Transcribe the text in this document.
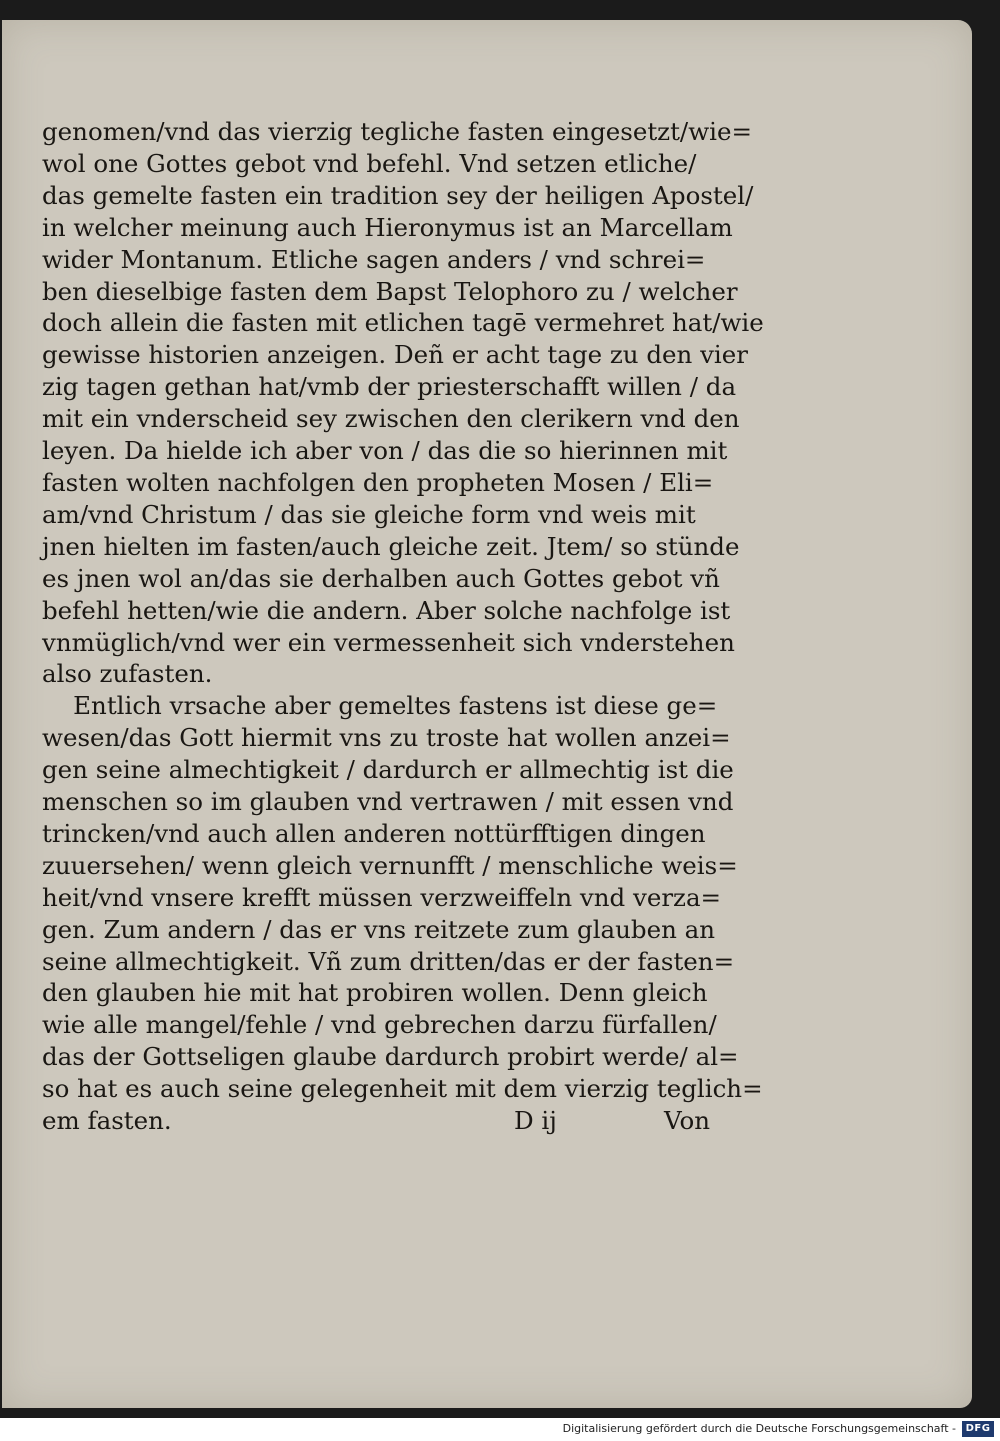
genomen/vnd das vierzig tegliche fasten eingesetzt/wie=
wol one Gottes gebot vnd befehl. Vnd setzen etliche/
das gemelte fasten ein tradition sey der heiligen Apostel/
in welcher meinung auch Hieronymus ist an Marcellam
wider Montanum. Etliche sagen anders / vnd schrei=
ben dieselbige fasten dem Bapst Telophoro zu / welcher
doch allein die fasten mit etlichen tagē vermehret hat/wie
gewisse historien anzeigen. Deñ er acht tage zu den vier
zig tagen gethan hat/vmb der priesterschafft willen / da
mit ein vnderscheid sey zwischen den clerikern vnd den
leyen. Da hielde ich aber von / das die so hierinnen mit
fasten wolten nachfolgen den propheten Mosen / Eli=
am/vnd Christum / das sie gleiche form vnd weis mit
jnen hielten im fasten/auch gleiche zeit. Jtem/ so stünde
es jnen wol an/das sie derhalben auch Gottes gebot vñ
befehl hetten/wie die andern. Aber solche nachfolge ist
vnmüglich/vnd wer ein vermessenheit sich vnderstehen
also zufasten.
Entlich vrsache aber gemeltes fastens ist diese ge=
wesen/das Gott hiermit vns zu troste hat wollen anzei=
gen seine almechtigkeit / dardurch er allmechtig ist die
menschen so im glauben vnd vertrawen / mit essen vnd
trincken/vnd auch allen anderen nottürfftigen dingen
zuuersehen/ wenn gleich vernunfft / menschliche weis=
heit/vnd vnsere krefft müssen verzweiffeln vnd verza=
gen. Zum andern / das er vns reitzete zum glauben an
seine allmechtigkeit. Vñ zum dritten/das er der fasten=
den glauben hie mit hat probiren wollen. Denn gleich
wie alle mangel/fehle / vnd gebrechen darzu fürfallen/
das der Gottseligen glaube dardurch probirt werde/ al=
so hat es auch seine gelegenheit mit dem vierzig teglich=
em fasten.	D ij	Von
Digitalisierung gefördert durch die Deutsche Forschungsgemeinschaft - DFG
